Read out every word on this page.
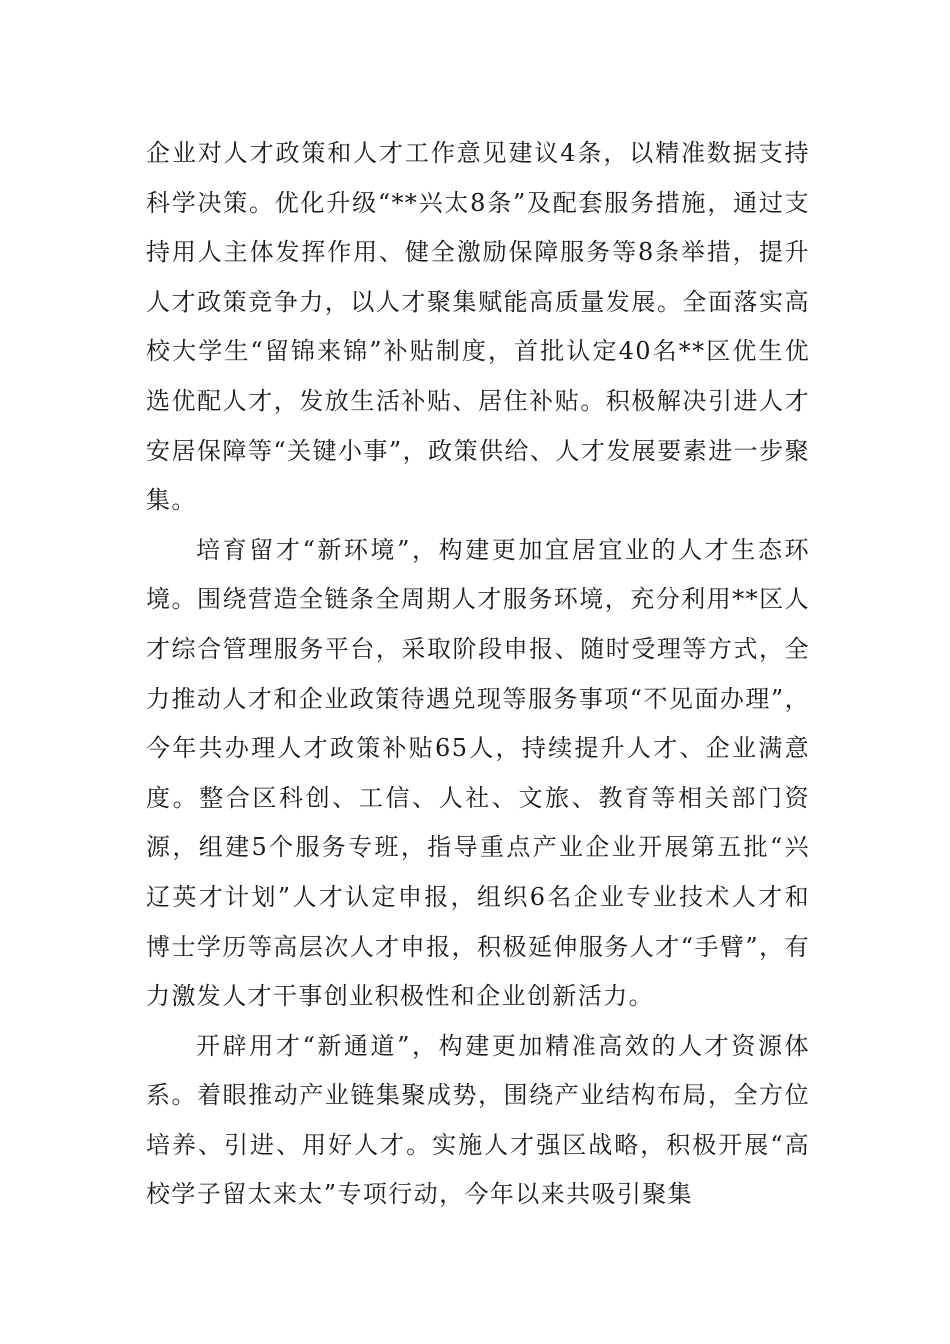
企业对人才政策和人才工作意见建议4条，以精准数据支持科学决策。优化升级“**兴太8条”及配套服务措施，通过支持用人主体发挥作用、健全激励保障服务等8条举措，提升人才政策竞争力，以人才聚集赋能高质量发展。全面落实高校大学生“留锦来锦”补贴制度，首批认定40名**区优生优选优配人才，发放生活补贴、居住补贴。积极解决引进人才安居保障等“关键小事”，政策供给、人才发展要素进一步聚集。

培育留才“新环境”，构建更加宜居宜业的人才生态环境。围绕营造全链条全周期人才服务环境，充分利用**区人才综合管理服务平台，采取阶段申报、随时受理等方式，全力推动人才和企业政策待遇兑现等服务事项“不见面办理”，今年共办理人才政策补贴65人，持续提升人才、企业满意度。整合区科创、工信、人社、文旅、教育等相关部门资源，组建5个服务专班，指导重点产业企业开展第五批“兴辽英才计划”人才认定申报，组织6名企业专业技术人才和博士学历等高层次人才申报，积极延伸服务人才“手臂”，有力激发人才干事创业积极性和企业创新活力。

开辟用才“新通道”，构建更加精准高效的人才资源体系。着眼推动产业链集聚成势，围绕产业结构布局，全方位培养、引进、用好人才。实施人才强区战略，积极开展“高校学子留太来太”专项行动，今年以来共吸引聚集
